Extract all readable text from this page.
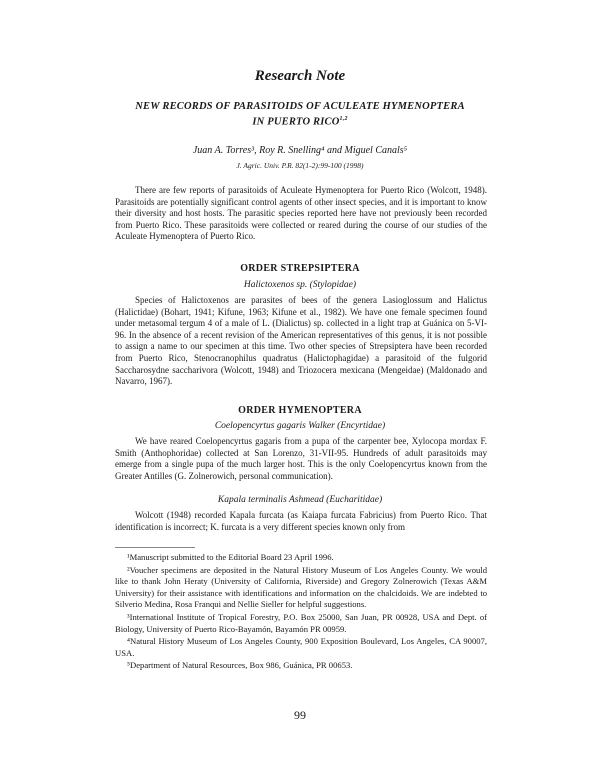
Research Note
NEW RECORDS OF PARASITOIDS OF ACULEATE HYMENOPTERA
IN PUERTO RICO$^{1,2}$
Juan A. Torres³, Roy R. Snelling⁴ and Miguel Canals⁵
J. Agric. Univ. P.R. 82(1-2):99-100 (1998)

There are few reports of parasitoids of Aculeate Hymenoptera for Puerto Rico (Wolcott, 1948). Parasitoids are potentially significant control agents of other insect species, and it is important to know their diversity and host hosts. The parasitic species reported here have not previously been recorded from Puerto Rico. These parasitoids were collected or reared during the course of our studies of the Aculeate Hymenoptera of Puerto Rico.

ORDER STREPSIPTERA
Halictoxenos sp. (Stylopidae)

Species of Halictoxenos are parasites of bees of the genera Lasioglossum and Halictus (Halictidae) (Bohart, 1941; Kifune, 1963; Kifune et al., 1982). We have one female specimen found under metasomal tergum 4 of a male of L. (Dialictus) sp. collected in a light trap at Guánica on 5-VI-96. In the absence of a recent revision of the American representatives of this genus, it is not possible to assign a name to our specimen at this time. Two other species of Strepsiptera have been recorded from Puerto Rico, Stenocranophilus quadratus (Halictophagidae) a parasitoid of the fulgorid Saccharosydne saccharivora (Wolcott, 1948) and Triozocera mexicana (Mengeidae) (Maldonado and Navarro, 1967).

ORDER HYMENOPTERA
Coelopencyrtus gagaris Walker (Encyrtidae)

We have reared Coelopencyrtus gagaris from a pupa of the carpenter bee, Xylocopa mordax F. Smith (Anthophoridae) collected at San Lorenzo, 31-VII-95. Hundreds of adult parasitoids may emerge from a single pupa of the much larger host. This is the only Coelopencyrtus known from the Greater Antilles (G. Zolnerowich, personal communication).

Kapala terminalis Ashmead (Eucharitidae)

Wolcott (1948) recorded Kapala furcata (as Kaiapa furcata Fabricius) from Puerto Rico. That identification is incorrect; K. furcata is a very different species known only from

¹Manuscript submitted to the Editorial Board 23 April 1996.

²Voucher specimens are deposited in the Natural History Museum of Los Angeles County. We would like to thank John Heraty (University of California, Riverside) and Gregory Zolnerowich (Texas A&M University) for their assistance with identifications and information on the chalcidoids. We are indebted to Silverio Medina, Rosa Franqui and Nellie Sieller for helpful suggestions.

³International Institute of Tropical Forestry, P.O. Box 25000, San Juan, PR 00928, USA and Dept. of Biology, University of Puerto Rico-Bayamón, Bayamón PR 00959.

⁴Natural History Museum of Los Angeles County, 900 Exposition Boulevard, Los Angeles, CA 90007, USA.

⁵Department of Natural Resources, Box 986, Guánica, PR 00653.

99
